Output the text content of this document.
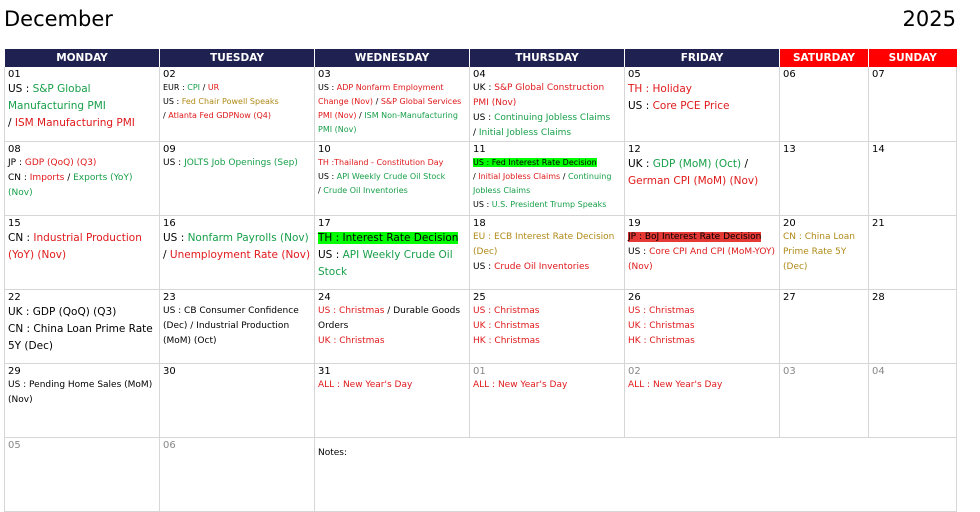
December	2025
MONDAY	TUESDAY	WEDNESDAY	THURSDAY	FRIDAY	SATURDAY	SUNDAY

01
US : S&P Global Manufacturing PMI
/ ISM Manufacturing PMI	02
EUR : CPI / UR
US : Fed Chair Powell Speaks
/ Atlanta Fed GDPNow (Q4)	03
US : ADP Nonfarm Employment Change (Nov) / S&P Global Services PMI (Nov) / ISM Non-Manufacturing PMI (Nov)	04
UK : S&P Global Construction PMI (Nov)
US : Continuing Jobless Claims
/ Initial Jobless Claims	05
TH : Holiday
US : Core PCE Price	06	07

08
JP : GDP (QoQ) (Q3)
CN : Imports / Exports (YoY) (Nov)	09
US : JOLTS Job Openings (Sep)	10
TH :Thailand - Constitution Day
US : API Weekly Crude Oil Stock
/ Crude Oil Inventories	11
US : Fed Interest Rate Decision
/ Initial Jobless Claims / Continuing Jobless Claims
US : U.S. President Trump Speaks	12
UK : GDP (MoM) (Oct) /
German CPI (MoM) (Nov)	13	14

15
CN : Industrial Production (YoY) (Nov)	16
US : Nonfarm Payrolls (Nov)
/ Unemployment Rate (Nov)	17
TH : Interest Rate Decision
US : API Weekly Crude Oil Stock	18
EU : ECB Interest Rate Decision (Dec)
US : Crude Oil Inventories	19
JP : BoJ Interest Rate Decision
US : Core CPI And CPI (MoM-YOY) (Nov)	20
CN : China Loan Prime Rate 5Y (Dec)	21

22
UK : GDP (QoQ) (Q3)
CN : China Loan Prime Rate 5Y (Dec)	23
US : CB Consumer Confidence (Dec) / Industrial Production (MoM) (Oct)	24
US : Christmas / Durable Goods Orders
UK : Christmas	25
US : Christmas
UK : Christmas
HK : Christmas	26
US : Christmas
UK : Christmas
HK : Christmas	27	28

29
US : Pending Home Sales (MoM) (Nov)	30	31
ALL : New Year's Day	01
ALL : New Year's Day	02
ALL : New Year's Day	03	04

05	06	Notes:				
